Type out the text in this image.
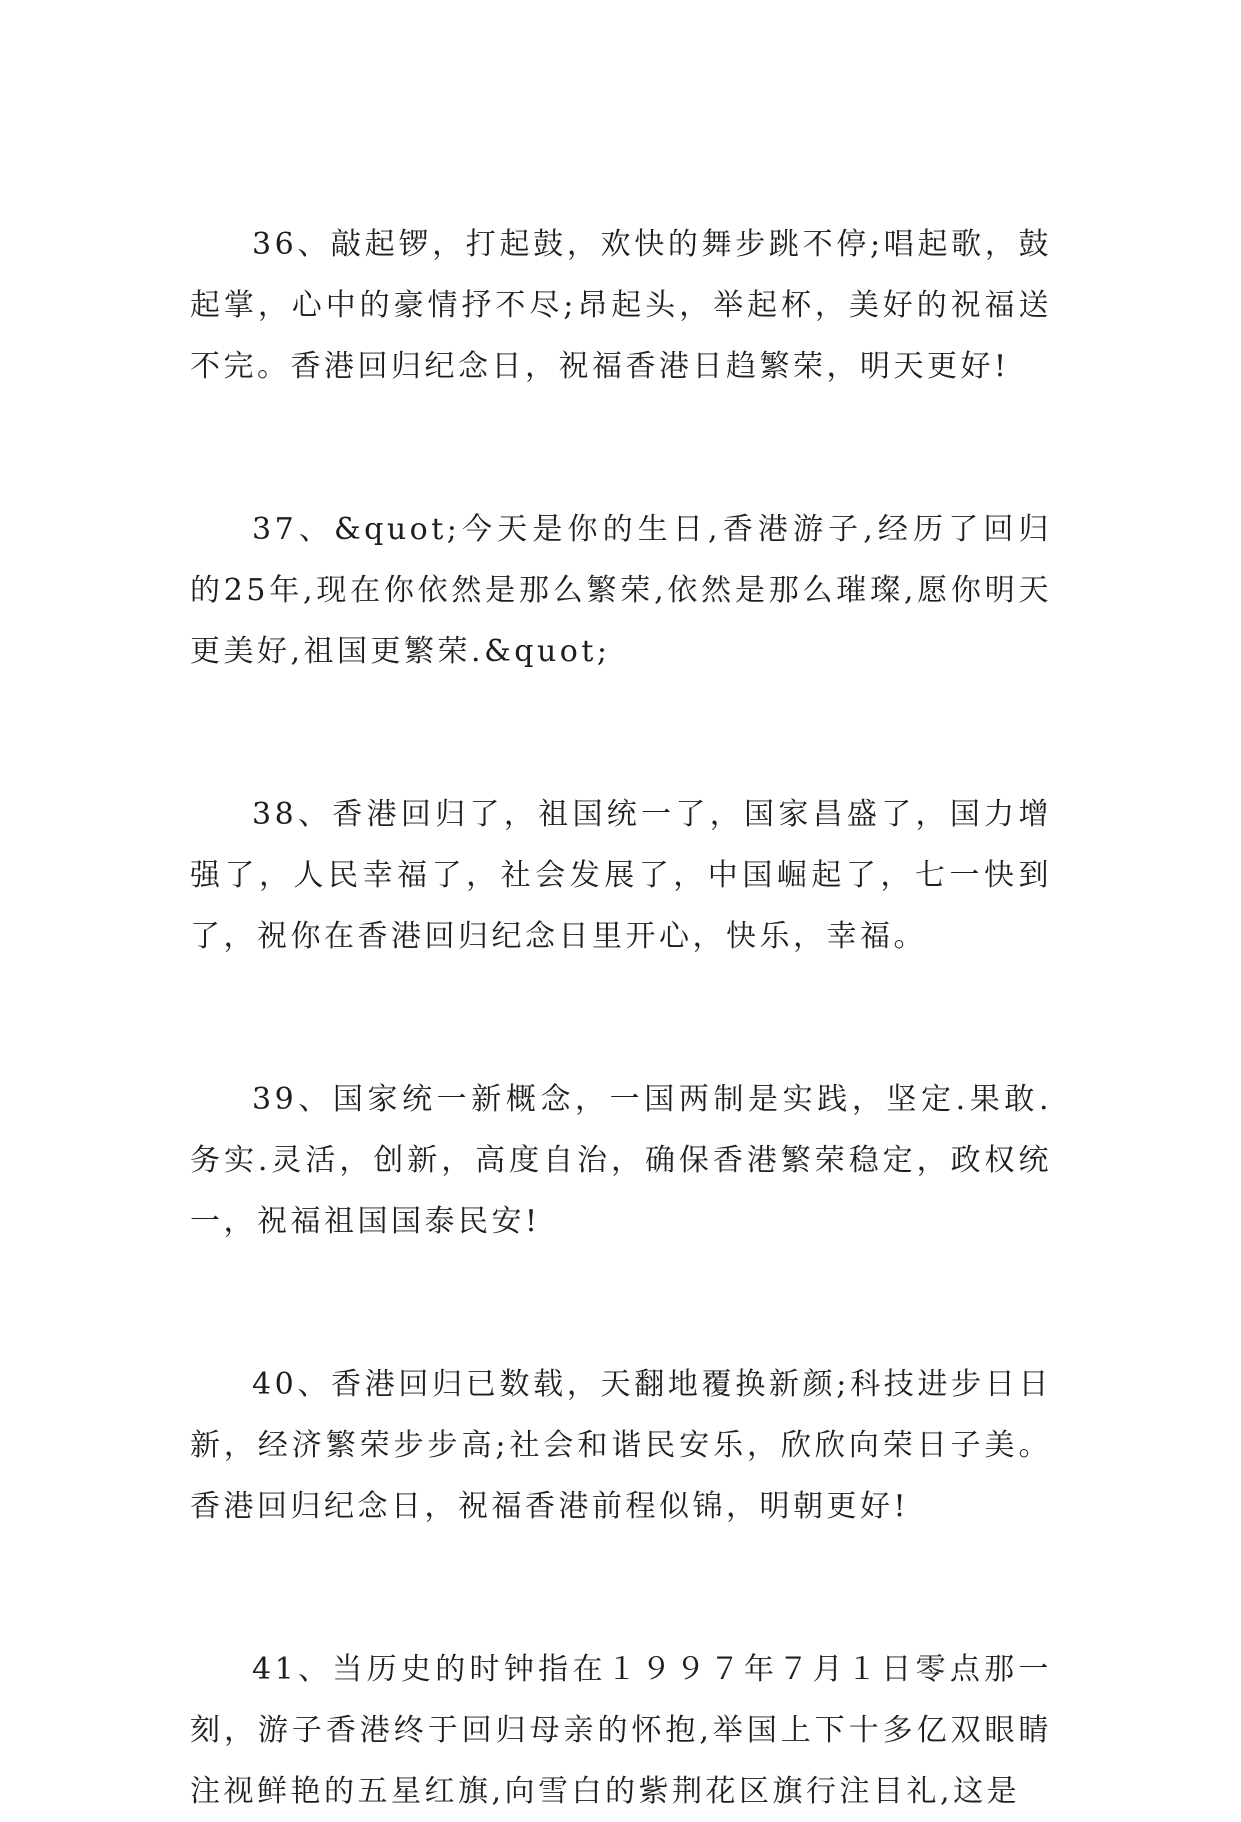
36、敲起锣，打起鼓，欢快的舞步跳不停;唱起歌，鼓起掌，心中的豪情抒不尽;昂起头，举起杯，美好的祝福送不完。香港回归纪念日，祝福香港日趋繁荣，明天更好!

37、&quot;今天是你的生日,香港游子,经历了回归的25年,现在你依然是那么繁荣,依然是那么璀璨,愿你明天更美好,祖国更繁荣.&quot;

38、香港回归了，祖国统一了，国家昌盛了，国力增强了，人民幸福了，社会发展了，中国崛起了，七一快到了，祝你在香港回归纪念日里开心，快乐，幸福。

39、国家统一新概念，一国两制是实践，坚定.果敢.务实.灵活，创新，高度自治，确保香港繁荣稳定，政权统一，祝福祖国国泰民安!

40、香港回归已数载，天翻地覆换新颜;科技进步日日新，经济繁荣步步高;社会和谐民安乐，欣欣向荣日子美。香港回归纪念日，祝福香港前程似锦，明朝更好!

41、当历史的时钟指在１９９７年７月１日零点那一刻，游子香港终于回归母亲的怀抱,举国上下十多亿双眼睛注视鲜艳的五星红旗,向雪白的紫荆花区旗行注目礼,这是
